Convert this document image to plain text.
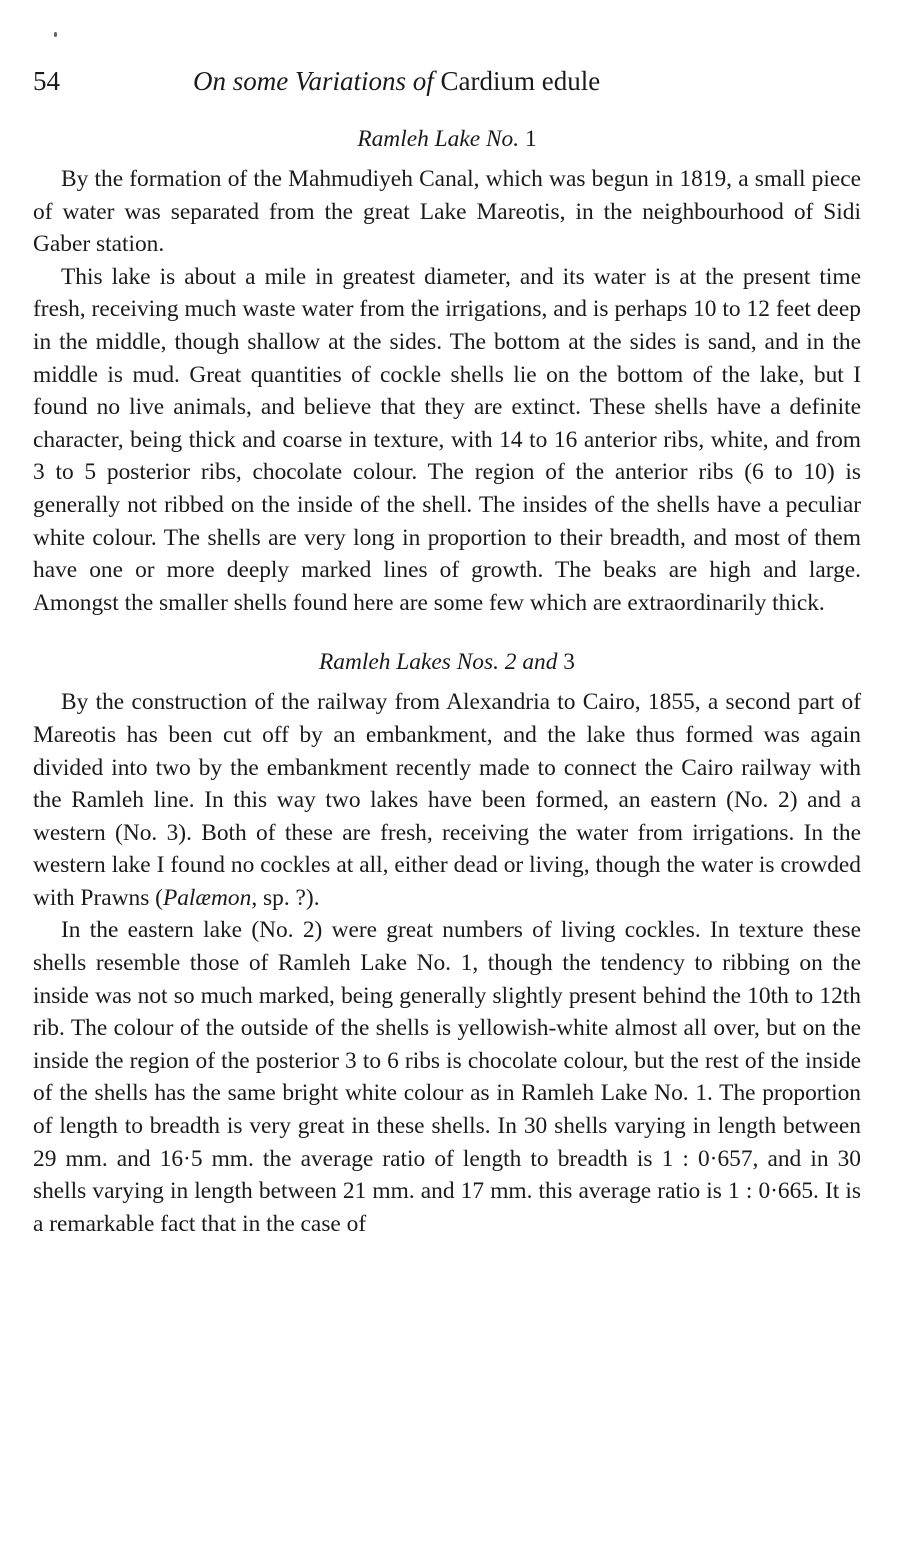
54	On some Variations of Cardium edule
Ramleh Lake No. 1

By the formation of the Mahmudiyeh Canal, which was begun in 1819, a small piece of water was separated from the great Lake Mareotis, in the neighbourhood of Sidi Gaber station.

This lake is about a mile in greatest diameter, and its water is at the present time fresh, receiving much waste water from the irrigations, and is perhaps 10 to 12 feet deep in the middle, though shallow at the sides. The bottom at the sides is sand, and in the middle is mud. Great quantities of cockle shells lie on the bottom of the lake, but I found no live animals, and believe that they are extinct. These shells have a definite character, being thick and coarse in texture, with 14 to 16 anterior ribs, white, and from 3 to 5 posterior ribs, chocolate colour. The region of the anterior ribs (6 to 10) is generally not ribbed on the inside of the shell. The insides of the shells have a peculiar white colour. The shells are very long in proportion to their breadth, and most of them have one or more deeply marked lines of growth. The beaks are high and large. Amongst the smaller shells found here are some few which are extraordinarily thick.

Ramleh Lakes Nos. 2 and 3

By the construction of the railway from Alexandria to Cairo, 1855, a second part of Mareotis has been cut off by an embankment, and the lake thus formed was again divided into two by the embankment recently made to connect the Cairo railway with the Ramleh line. In this way two lakes have been formed, an eastern (No. 2) and a western (No. 3). Both of these are fresh, receiving the water from irrigations. In the western lake I found no cockles at all, either dead or living, though the water is crowded with Prawns (Palæmon, sp. ?).

In the eastern lake (No. 2) were great numbers of living cockles. In texture these shells resemble those of Ramleh Lake No. 1, though the tendency to ribbing on the inside was not so much marked, being generally slightly present behind the 10th to 12th rib. The colour of the outside of the shells is yellowish-white almost all over, but on the inside the region of the posterior 3 to 6 ribs is chocolate colour, but the rest of the inside of the shells has the same bright white colour as in Ramleh Lake No. 1. The proportion of length to breadth is very great in these shells. In 30 shells varying in length between 29 mm. and 16·5 mm. the average ratio of length to breadth is 1 : 0·657, and in 30 shells varying in length between 21 mm. and 17 mm. this average ratio is 1 : 0·665. It is a remarkable fact that in the case of
